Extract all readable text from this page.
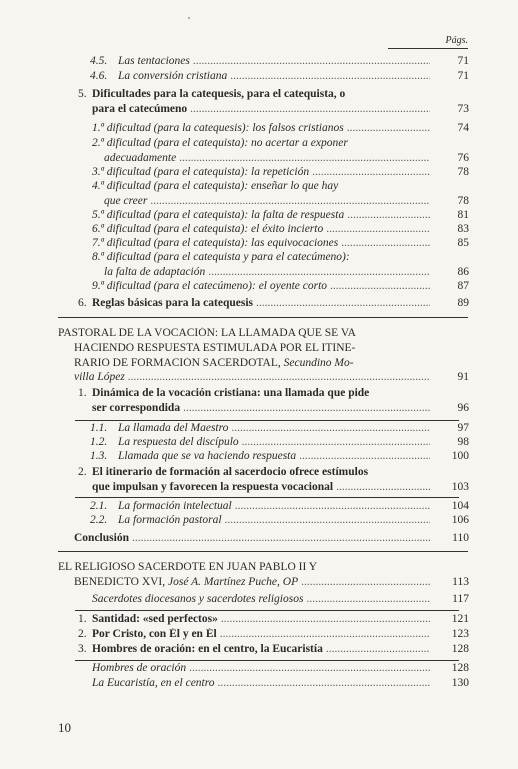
Págs.
4.5. Las tentaciones .....	71
4.6. La conversión cristiana .....	71
5. Dificultades para la catequesis, para el catequista, o
para el catecúmeno .....	73
1.ª dificultad (para la catequesis): los falsos cristianos .....	74
2.ª
dificultad (para el catequista): no acertar a exponer
adecuadamente .....	76
3.ª dificultad (para el catequista): la repetición .....	78
4.ª
dificultad (para el catequista): enseñar lo que hay
que creer .....	78
5.ª dificultad (para el catequista): la falta de respuesta .....	81
6.ª dificultad (para el catequista): el éxito incierto .....	83
7.ª dificultad (para el catequista): las equivocaciones .....	85
8.ª
dificultad (para el catequista y para el catecúmeno):
la falta de adaptación .....	86
9.ª dificultad (para el catecúmeno): el oyente corto .....	87
6. Reglas básicas para la catequesis .....	89
PASTORAL DE LA VOCACIÓN: LA LLAMADA QUE SE VA
HACIENDO RESPUESTA ESTIMULADA POR EL ITINE-
RARIO DE FORMACIÓN SACERDOTAL,
Secundino Mo-
villa López .....	91
1. Dinámica de la vocación cristiana: una llamada que pide
ser correspondida .....	96
1.1. La llamada del Maestro .....	97
1.2. La respuesta del discípulo .....	98
1.3. Llamada que se va haciendo respuesta .....	100
2. El itinerario de formación al sacerdocio ofrece estímulos
que impulsan y favorecen la respuesta vocacional .....	103
2.1. La formación intelectual .....	104
2.2. La formación pastoral .....	106
Conclusión .....	110
EL RELIGIOSO SACERDOTE EN JUAN PABLO II Y
BENEDICTO XVI, José A. Martínez Puche, OP .....	113
Sacerdotes diocesanos y sacerdotes religiosos .....	117
1. Santidad: «sed perfectos» .....	121
2. Por Cristo, con Él y en Él .....	123
3. Hombres de oración: en el centro, la Eucaristía .....	128
Hombres de oración .....	128
La Eucaristía, en el centro .....	130
10
